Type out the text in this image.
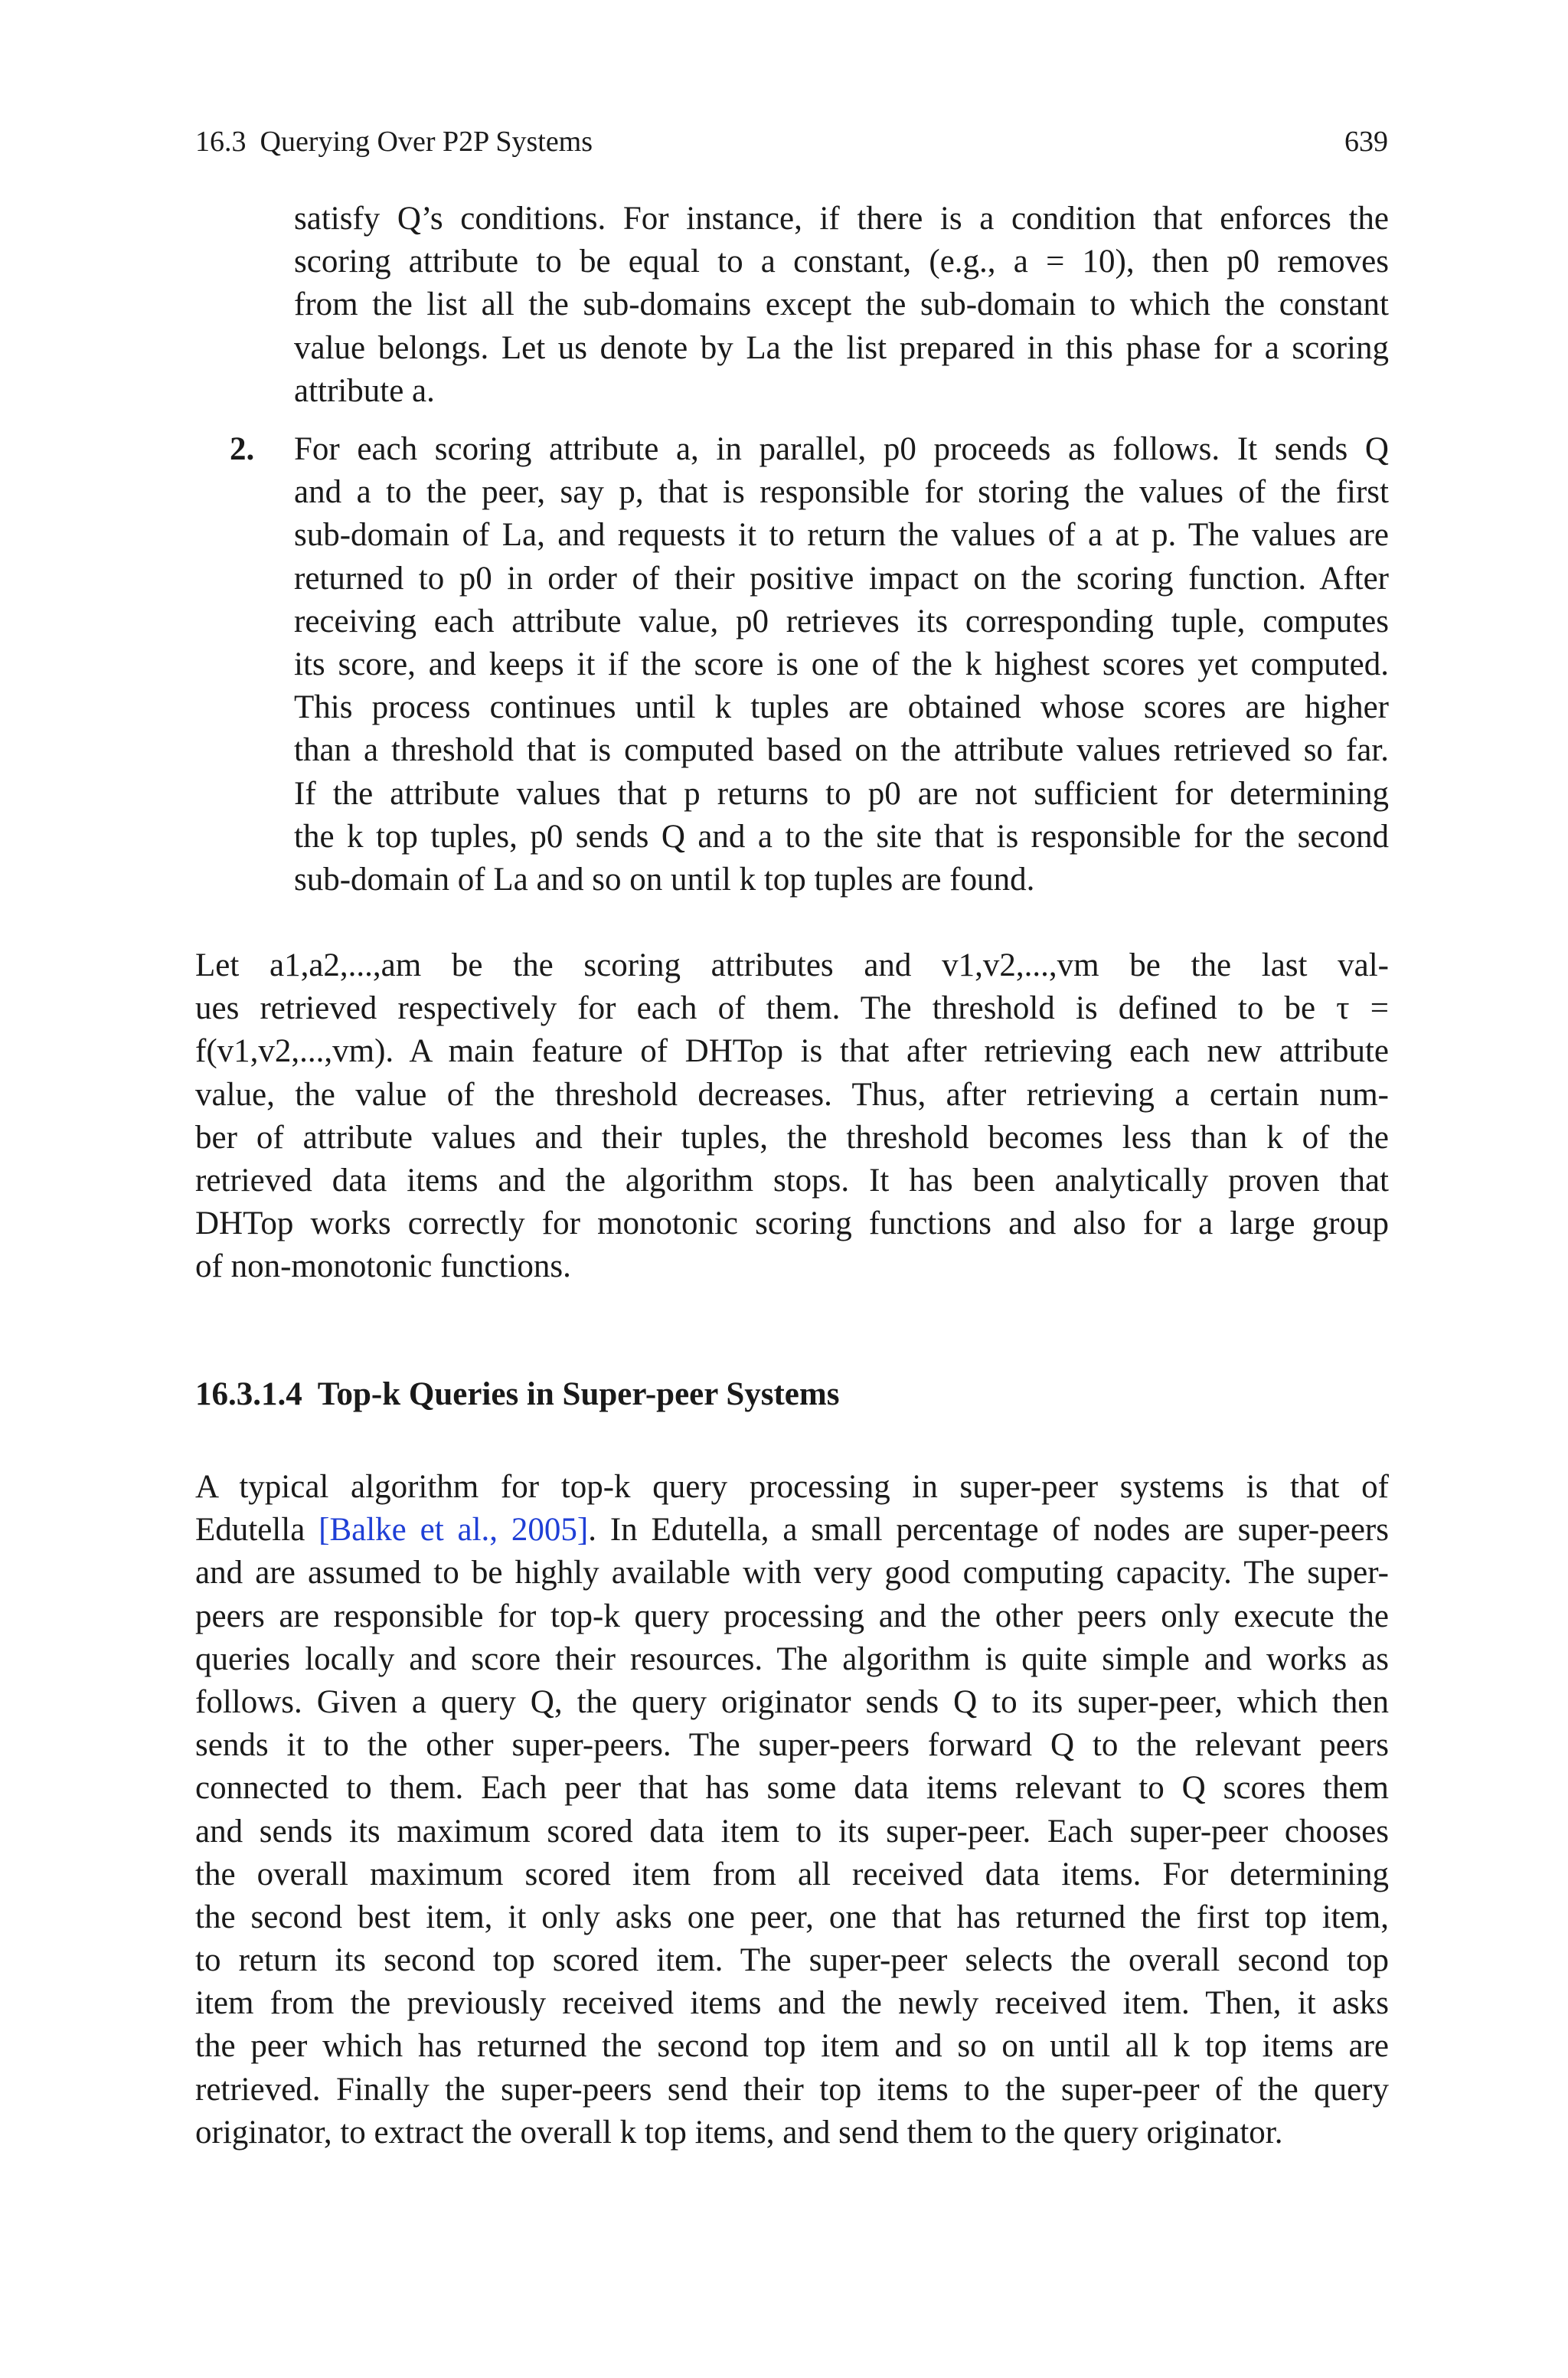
16.3 Querying Over P2P Systems	639
satisfy Q’s conditions. For instance, if there is a condition that enforces the
scoring attribute to be equal to a constant, (e.g., a = 10), then p0 removes
from the list all the sub-domains except the sub-domain to which the constant
value belongs. Let us denote by La the list prepared in this phase for a scoring
attribute a.
2. For each scoring attribute a, in parallel, p0 proceeds as follows. It sends Q
and a to the peer, say p, that is responsible for storing the values of the first
sub-domain of La, and requests it to return the values of a at p. The values are
returned to p0 in order of their positive impact on the scoring function. After
receiving each attribute value, p0 retrieves its corresponding tuple, computes
its score, and keeps it if the score is one of the k highest scores yet computed.
This process continues until k tuples are obtained whose scores are higher
than a threshold that is computed based on the attribute values retrieved so far.
If the attribute values that p returns to p0 are not sufficient for determining
the k top tuples, p0 sends Q and a to the site that is responsible for the second
sub-domain of La and so on until k top tuples are found.
Let a1,a2,...,am be the scoring attributes and v1,v2,...,vm be the last val-
ues retrieved respectively for each of them. The threshold is defined to be τ =
f(v1,v2,...,vm). A main feature of DHTop is that after retrieving each new attribute
value, the value of the threshold decreases. Thus, after retrieving a certain num-
ber of attribute values and their tuples, the threshold becomes less than k of the
retrieved data items and the algorithm stops. It has been analytically proven that
DHTop works correctly for monotonic scoring functions and also for a large group
of non-monotonic functions.
16.3.1.4 Top-k Queries in Super-peer Systems
A typical algorithm for top-k query processing in super-peer systems is that of
Edutella [Balke et al., 2005]. In Edutella, a small percentage of nodes are super-peers
and are assumed to be highly available with very good computing capacity. The super-
peers are responsible for top-k query processing and the other peers only execute the
queries locally and score their resources. The algorithm is quite simple and works as
follows. Given a query Q, the query originator sends Q to its super-peer, which then
sends it to the other super-peers. The super-peers forward Q to the relevant peers
connected to them. Each peer that has some data items relevant to Q scores them
and sends its maximum scored data item to its super-peer. Each super-peer chooses
the overall maximum scored item from all received data items. For determining
the second best item, it only asks one peer, one that has returned the first top item,
to return its second top scored item. The super-peer selects the overall second top
item from the previously received items and the newly received item. Then, it asks
the peer which has returned the second top item and so on until all k top items are
retrieved. Finally the super-peers send their top items to the super-peer of the query
originator, to extract the overall k top items, and send them to the query originator.
